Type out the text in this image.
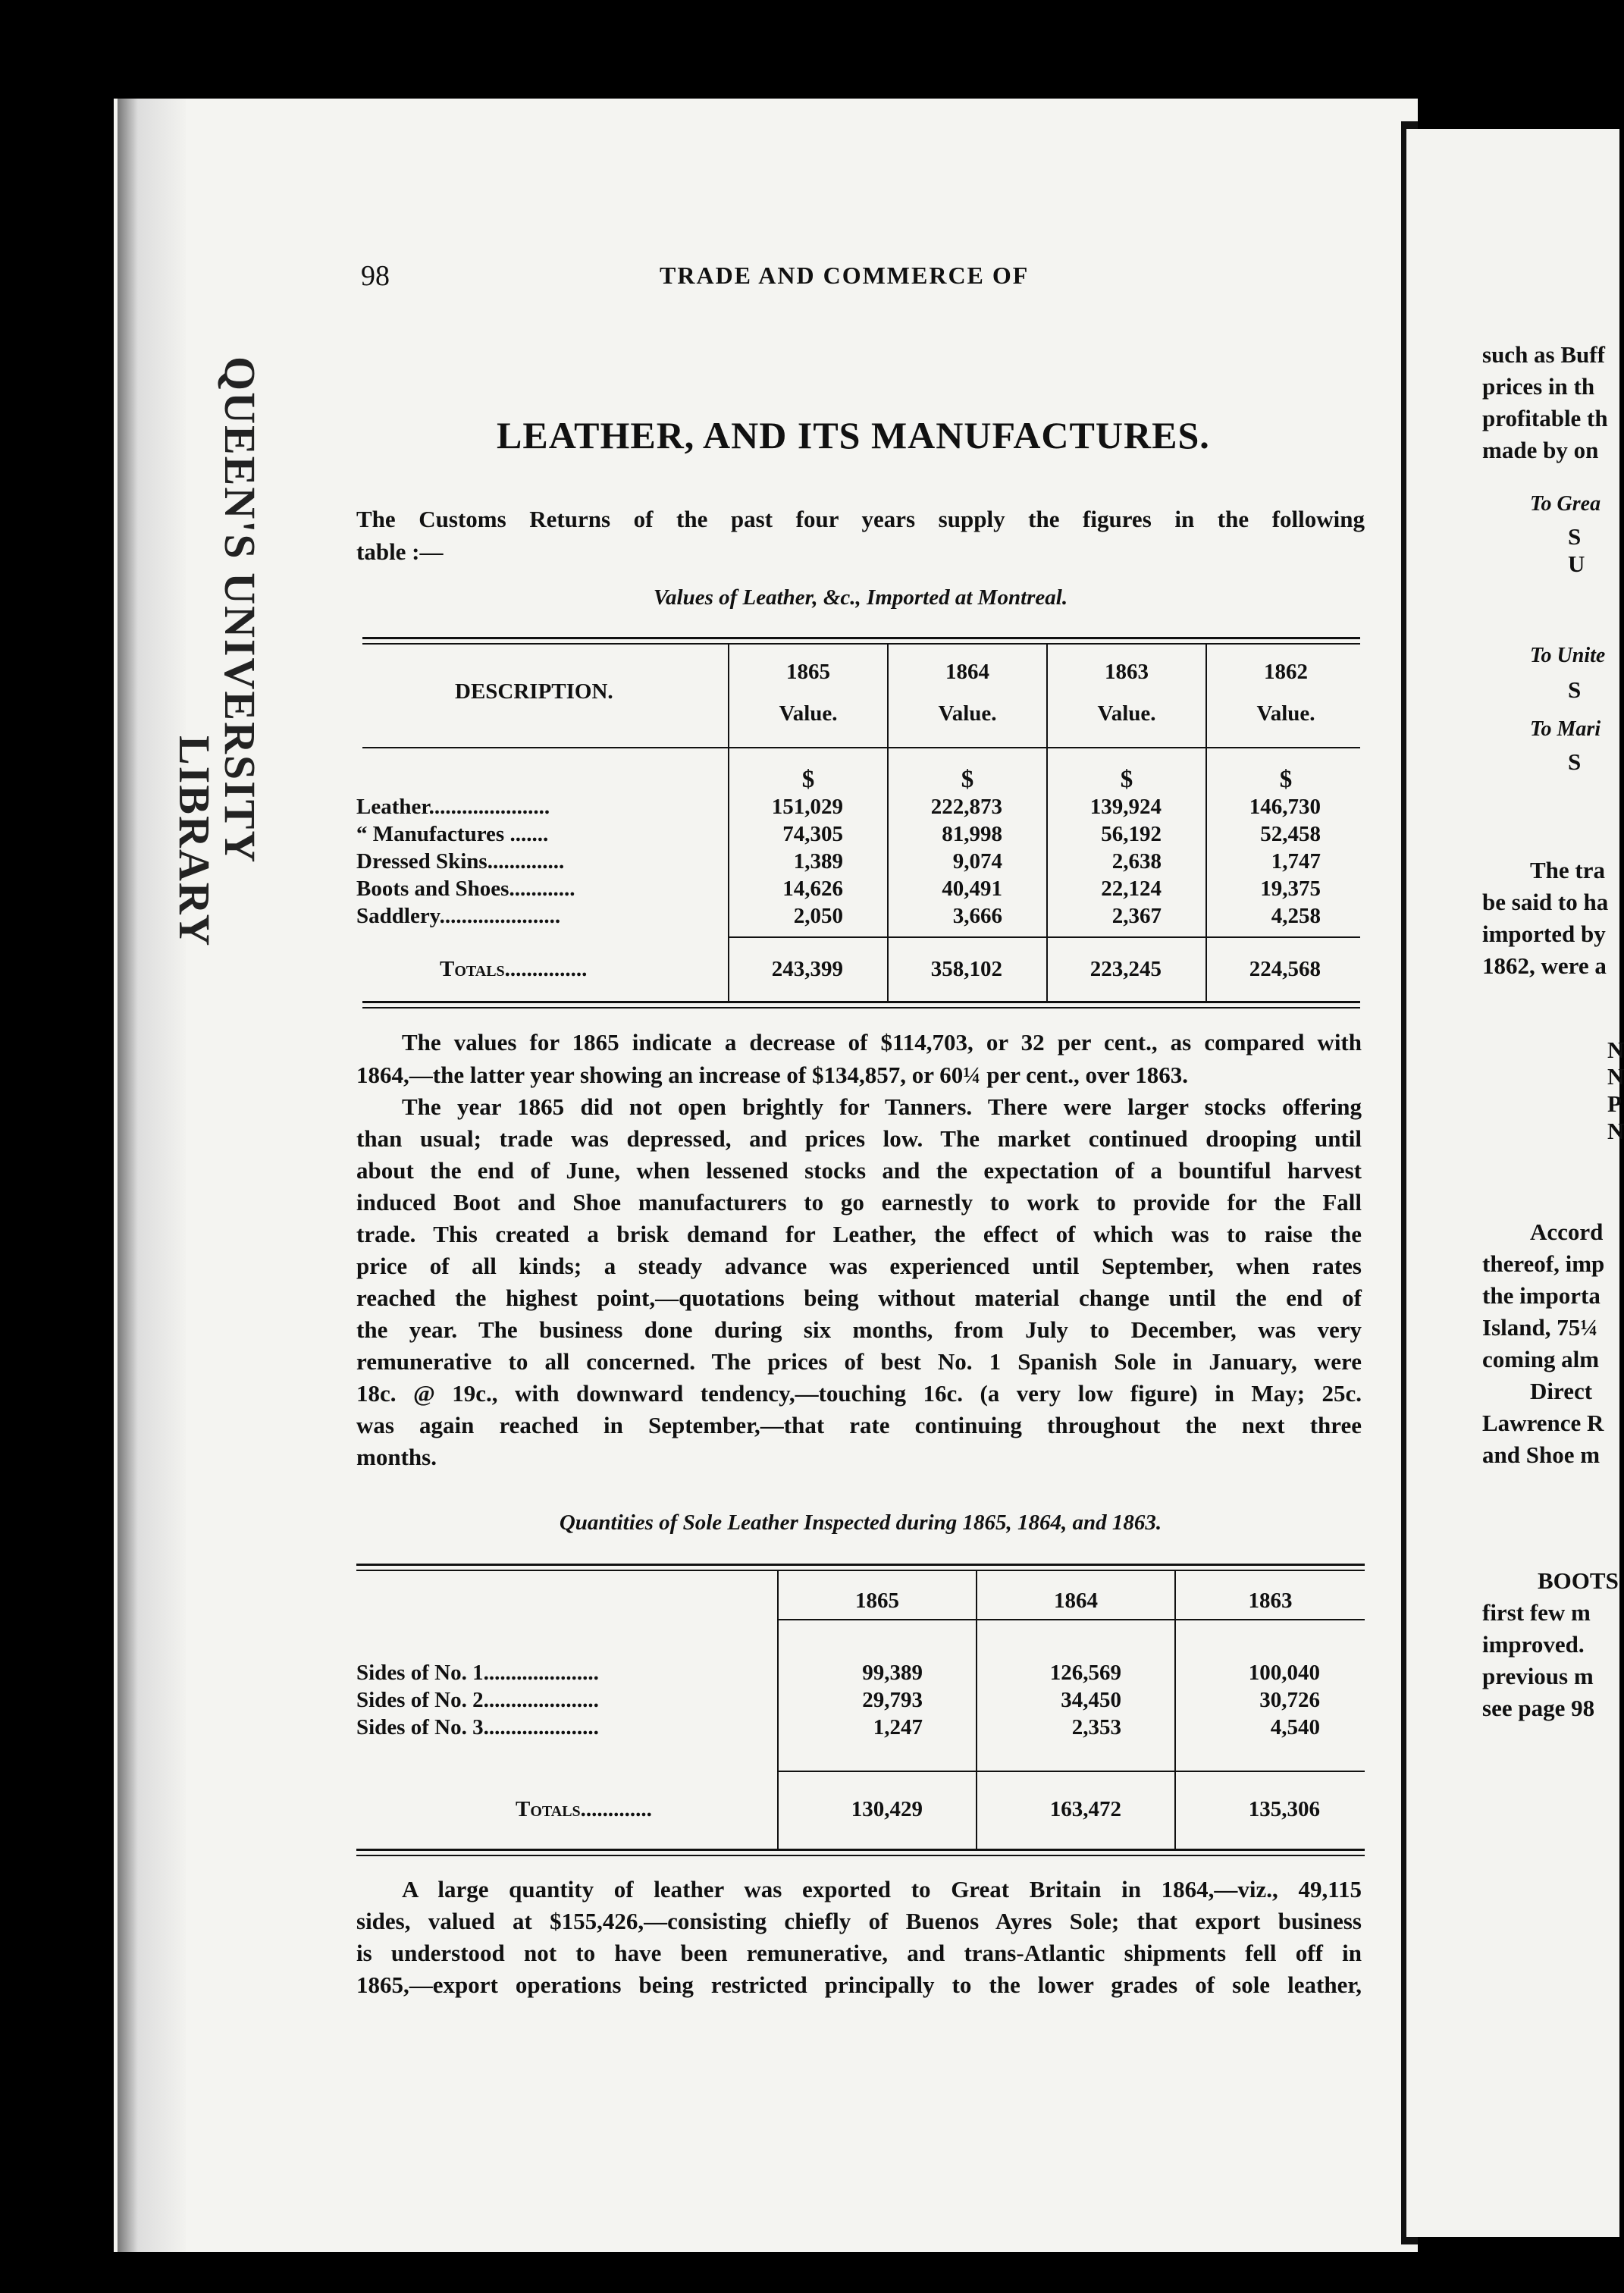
QUEEN'S UNIVERSITY
LIBRARY
98	TRADE AND COMMERCE OF
LEATHER, AND ITS MANUFACTURES.
The Customs Returns of the past four years supply the figures in the following
table :—
Values of Leather, &c., Imported at Montreal.
DESCRIPTION.
1865	1864	1863	1862
Value.	Value.	Value.	Value.
$	$	$	$
Leather......................	151,029	222,873	139,924	146,730
“ Manufactures .......	74,305	81,998	56,192	52,458
Dressed Skins..............	1,389	9,074	2,638	1,747
Boots and Shoes............	14,626	40,491	22,124	19,375
Saddlery......................	2,050	3,666	2,367	4,258
Totals...............	243,399	358,102	223,245	224,568
The values for 1865 indicate a decrease of $114,703, or 32 per cent., as compared with
1864,—the latter year showing an increase of $134,857, or 60¼ per cent., over 1863.
The year 1865 did not open brightly for Tanners. There were larger stocks offering
than usual; trade was depressed, and prices low. The market continued drooping until
about the end of June, when lessened stocks and the expectation of a bountiful harvest
induced Boot and Shoe manufacturers to go earnestly to work to provide for the Fall
trade. This created a brisk demand for Leather, the effect of which was to raise the
price of all kinds; a steady advance was experienced until September, when rates
reached the highest point,—quotations being without material change until the end of
the year. The business done during six months, from July to December, was very
remunerative to all concerned. The prices of best No. 1 Spanish Sole in January, were
18c. @ 19c., with downward tendency,—touching 16c. (a very low figure) in May; 25c.
was again reached in September,—that rate continuing throughout the next three
months.
Quantities of Sole Leather Inspected during 1865, 1864, and 1863.
1865	1864	1863
Sides of No. 1.....................	99,389	126,569	100,040
Sides of No. 2.....................	29,793	34,450	30,726
Sides of No. 3.....................	1,247	2,353	4,540
Totals.............	130,429	163,472	135,306
A large quantity of leather was exported to Great Britain in 1864,—viz., 49,115
sides, valued at $155,426,—consisting chiefly of Buenos Ayres Sole; that export business
is understood not to have been remunerative, and trans-Atlantic shipments fell off in
1865,—export operations being restricted principally to the lower grades of sole leather,
such as Buff
prices in th
profitable th
made by on
To Grea
S
U
To Unite
S
To Mari
S
The tra
be said to ha
imported by
1862, were a
N
N
P
N
Accord
thereof, imp
the importa
Island, 75¼
coming alm
Direct
Lawrence R
and Shoe m
BOOTS
first few m
improved.
previous m
see page 98
